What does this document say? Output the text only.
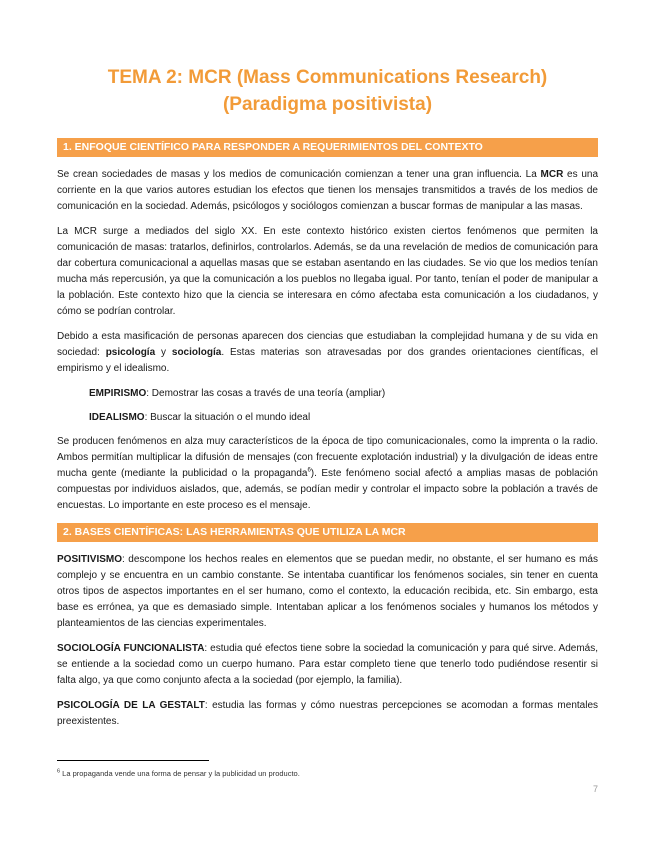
TEMA 2: MCR (Mass Communications Research)
(Paradigma positivista)
1. ENFOQUE CIENTÍFICO PARA RESPONDER A REQUERIMIENTOS DEL CONTEXTO

Se crean sociedades de masas y los medios de comunicación comienzan a tener una gran influencia. La MCR es una corriente en la que varios autores estudian los efectos que tienen los mensajes transmitidos a través de los medios de comunicación en la sociedad. Además, psicólogos y sociólogos comienzan a buscar formas de manipular a las masas.

La MCR surge a mediados del siglo XX. En este contexto histórico existen ciertos fenómenos que permiten la comunicación de masas: tratarlos, definirlos, controlarlos. Además, se da una revelación de medios de comunicación para dar cobertura comunicacional a aquellas masas que se estaban asentando en las ciudades. Se vio que los medios tenían mucha más repercusión, ya que la comunicación a los pueblos no llegaba igual. Por tanto, tenían el poder de manipular a la población. Este contexto hizo que la ciencia se interesara en cómo afectaba esta comunicación a los ciudadanos, y cómo se podrían controlar.

Debido a esta masificación de personas aparecen dos ciencias que estudiaban la complejidad humana y de su vida en sociedad: psicología y sociología. Estas materias son atravesadas por dos grandes orientaciones científicas, el empirismo y el idealismo.

EMPIRISMO: Demostrar las cosas a través de una teoría (ampliar)

IDEALISMO: Buscar la situación o el mundo ideal

Se producen fenómenos en alza muy característicos de la época de tipo comunicacionales, como la imprenta o la radio. Ambos permitían multiplicar la difusión de mensajes (con frecuente explotación industrial) y la divulgación de ideas entre mucha gente (mediante la publicidad o la propaganda$^6$). Este fenómeno social afectó a amplias masas de población compuestas por individuos aislados, que, además, se podían medir y controlar el impacto sobre la población a través de encuestas. Lo importante en este proceso es el mensaje.

2. BASES CIENTÍFICAS: LAS HERRAMIENTAS QUE UTILIZA LA MCR

POSITIVISMO: descompone los hechos reales en elementos que se puedan medir, no obstante, el ser humano es más complejo y se encuentra en un cambio constante. Se intentaba cuantificar los fenómenos sociales, sin tener en cuenta otros tipos de aspectos importantes en el ser humano, como el contexto, la educación recibida, etc. Sin embargo, esta base es errónea, ya que es demasiado simple. Intentaban aplicar a los fenómenos sociales y humanos los métodos y planteamientos de las ciencias experimentales.

SOCIOLOGÍA FUNCIONALISTA: estudia qué efectos tiene sobre la sociedad la comunicación y para qué sirve. Además, se entiende a la sociedad como un cuerpo humano. Para estar completo tiene que tenerlo todo pudiéndose resentir si falta algo, ya que como conjunto afecta a la sociedad (por ejemplo, la familia).

PSICOLOGÍA DE LA GESTALT: estudia las formas y cómo nuestras percepciones se acomodan a formas mentales preexistentes.

$^6$ La propaganda vende una forma de pensar y la publicidad un producto.
7
